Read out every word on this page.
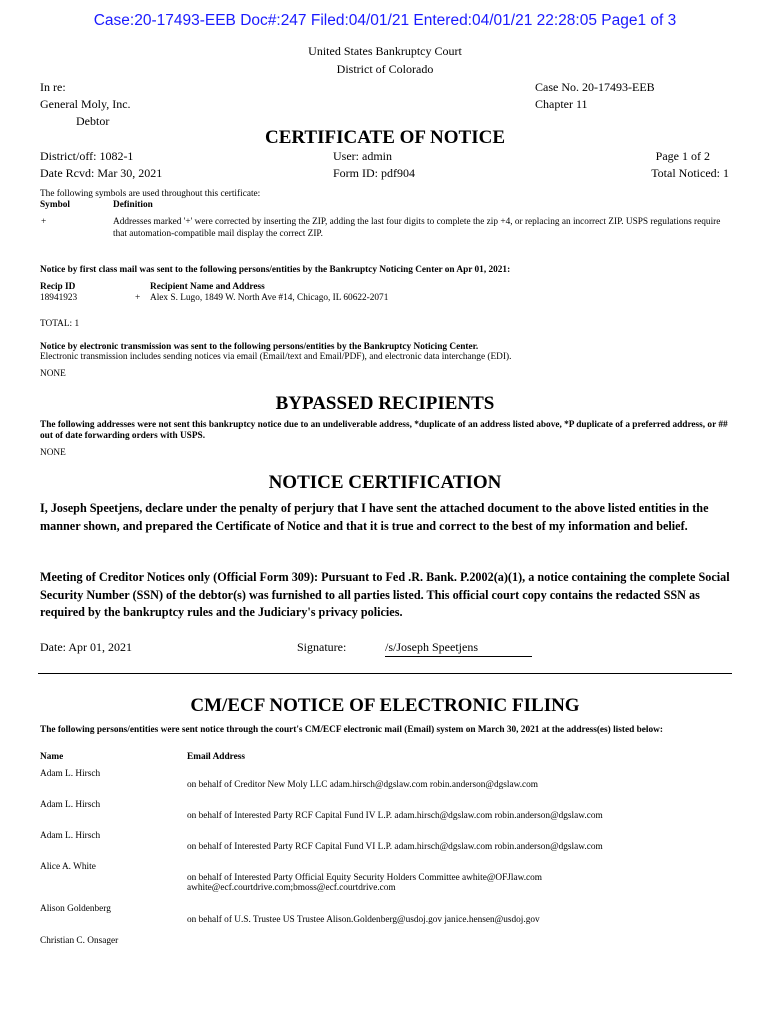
Case:20-17493-EEB Doc#:247 Filed:04/01/21 Entered:04/01/21 22:28:05 Page1 of 3
United States Bankruptcy Court
District of Colorado
In re:
General Moly, Inc.
Debtor
Case No. 20-17493-EEB
Chapter 11
CERTIFICATE OF NOTICE
District/off: 1082-1
Date Rcvd: Mar 30, 2021
User: admin
Form ID: pdf904
Page 1 of 2
Total Noticed: 1
The following symbols are used throughout this certificate:
Symbol	Definition
+	Addresses marked '+' were corrected by inserting the ZIP, adding the last four digits to complete the zip +4, or replacing an incorrect ZIP. USPS regulations require that automation-compatible mail display the correct ZIP.
Notice by first class mail was sent to the following persons/entities by the Bankruptcy Noticing Center on Apr 01, 2021:
Recip ID	Recipient Name and Address
18941923	+ Alex S. Lugo, 1849 W. North Ave #14, Chicago, IL 60622-2071
TOTAL: 1
Notice by electronic transmission was sent to the following persons/entities by the Bankruptcy Noticing Center.
Electronic transmission includes sending notices via email (Email/text and Email/PDF), and electronic data interchange (EDI).
NONE
BYPASSED RECIPIENTS
The following addresses were not sent this bankruptcy notice due to an undeliverable address, *duplicate of an address listed above, *P duplicate of a preferred address, or ## out of date forwarding orders with USPS.
NONE
NOTICE CERTIFICATION
I, Joseph Speetjens, declare under the penalty of perjury that I have sent the attached document to the above listed entities in the manner shown, and prepared the Certificate of Notice and that it is true and correct to the best of my information and belief.
Meeting of Creditor Notices only (Official Form 309): Pursuant to Fed .R. Bank. P.2002(a)(1), a notice containing the complete Social Security Number (SSN) of the debtor(s) was furnished to all parties listed. This official court copy contains the redacted SSN as required by the bankruptcy rules and the Judiciary's privacy policies.
Date: Apr 01, 2021	Signature:	/s/Joseph Speetjens
CM/ECF NOTICE OF ELECTRONIC FILING
The following persons/entities were sent notice through the court's CM/ECF electronic mail (Email) system on March 30, 2021 at the address(es) listed below:
Name	Email Address
Adam L. Hirsch
on behalf of Creditor New Moly LLC adam.hirsch@dgslaw.com robin.anderson@dgslaw.com
Adam L. Hirsch
on behalf of Interested Party RCF Capital Fund IV L.P. adam.hirsch@dgslaw.com robin.anderson@dgslaw.com
Adam L. Hirsch
on behalf of Interested Party RCF Capital Fund VI L.P. adam.hirsch@dgslaw.com robin.anderson@dgslaw.com
Alice A. White
on behalf of Interested Party Official Equity Security Holders Committee awhite@OFJlaw.com
awhite@ecf.courtdrive.com;bmoss@ecf.courtdrive.com
Alison Goldenberg
on behalf of U.S. Trustee US Trustee Alison.Goldenberg@usdoj.gov janice.hensen@usdoj.gov
Christian C. Onsager
